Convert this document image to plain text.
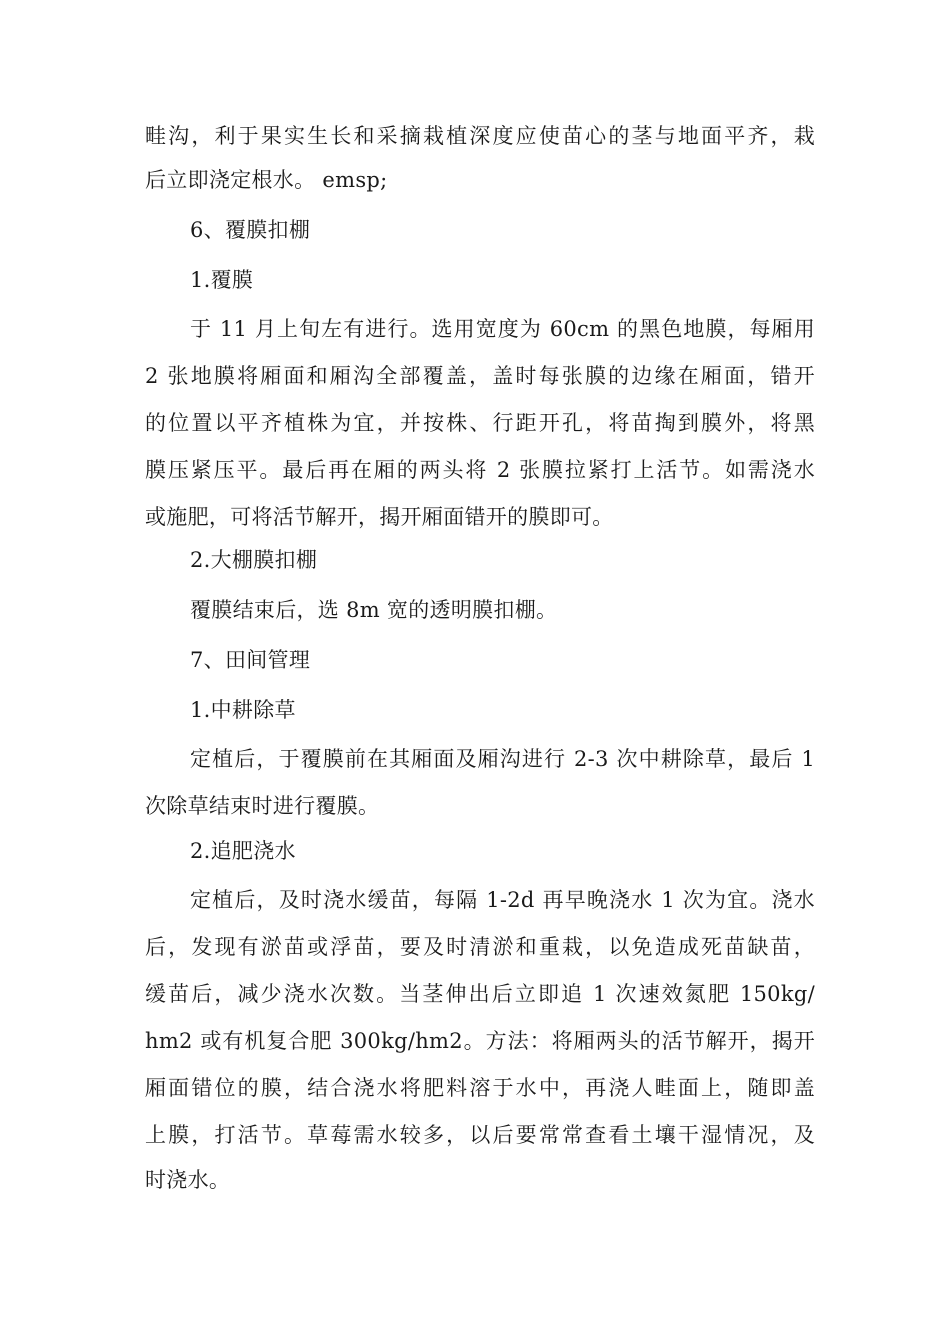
畦沟，利于果实生长和采摘栽植深度应使苗心的茎与地面平齐，栽
后立即浇定根水。 emsp;
6、覆膜扣棚
1.覆膜
于 11 月上旬左有进行。选用宽度为 60cm 的黑色地膜，每厢用
2 张地膜将厢面和厢沟全部覆盖，盖时每张膜的边缘在厢面，错开
的位置以平齐植株为宜，并按株、行距开孔，将苗掏到膜外，将黑
膜压紧压平。最后再在厢的两头将 2 张膜拉紧打上活节。如需浇水
或施肥，可将活节解开，揭开厢面错开的膜即可。
2.大棚膜扣棚
覆膜结束后，选 8m 宽的透明膜扣棚。
7、田间管理
1.中耕除草
定植后，于覆膜前在其厢面及厢沟进行 2-3 次中耕除草，最后 1
次除草结束时进行覆膜。
2.追肥浇水
定植后，及时浇水缓苗，每隔 1-2d 再早晚浇水 1 次为宜。浇水
后，发现有淤苗或浮苗，要及时清淤和重栽，以免造成死苗缺苗，
缓苗后，减少浇水次数。当茎伸出后立即追 1 次速效氮肥 150kg/
hm2 或有机复合肥 300kg/hm2。方法：将厢两头的活节解开，揭开
厢面错位的膜，结合浇水将肥料溶于水中，再浇人畦面上，随即盖
上膜，打活节。草莓需水较多，以后要常常查看土壤干湿情况，及
时浇水。
